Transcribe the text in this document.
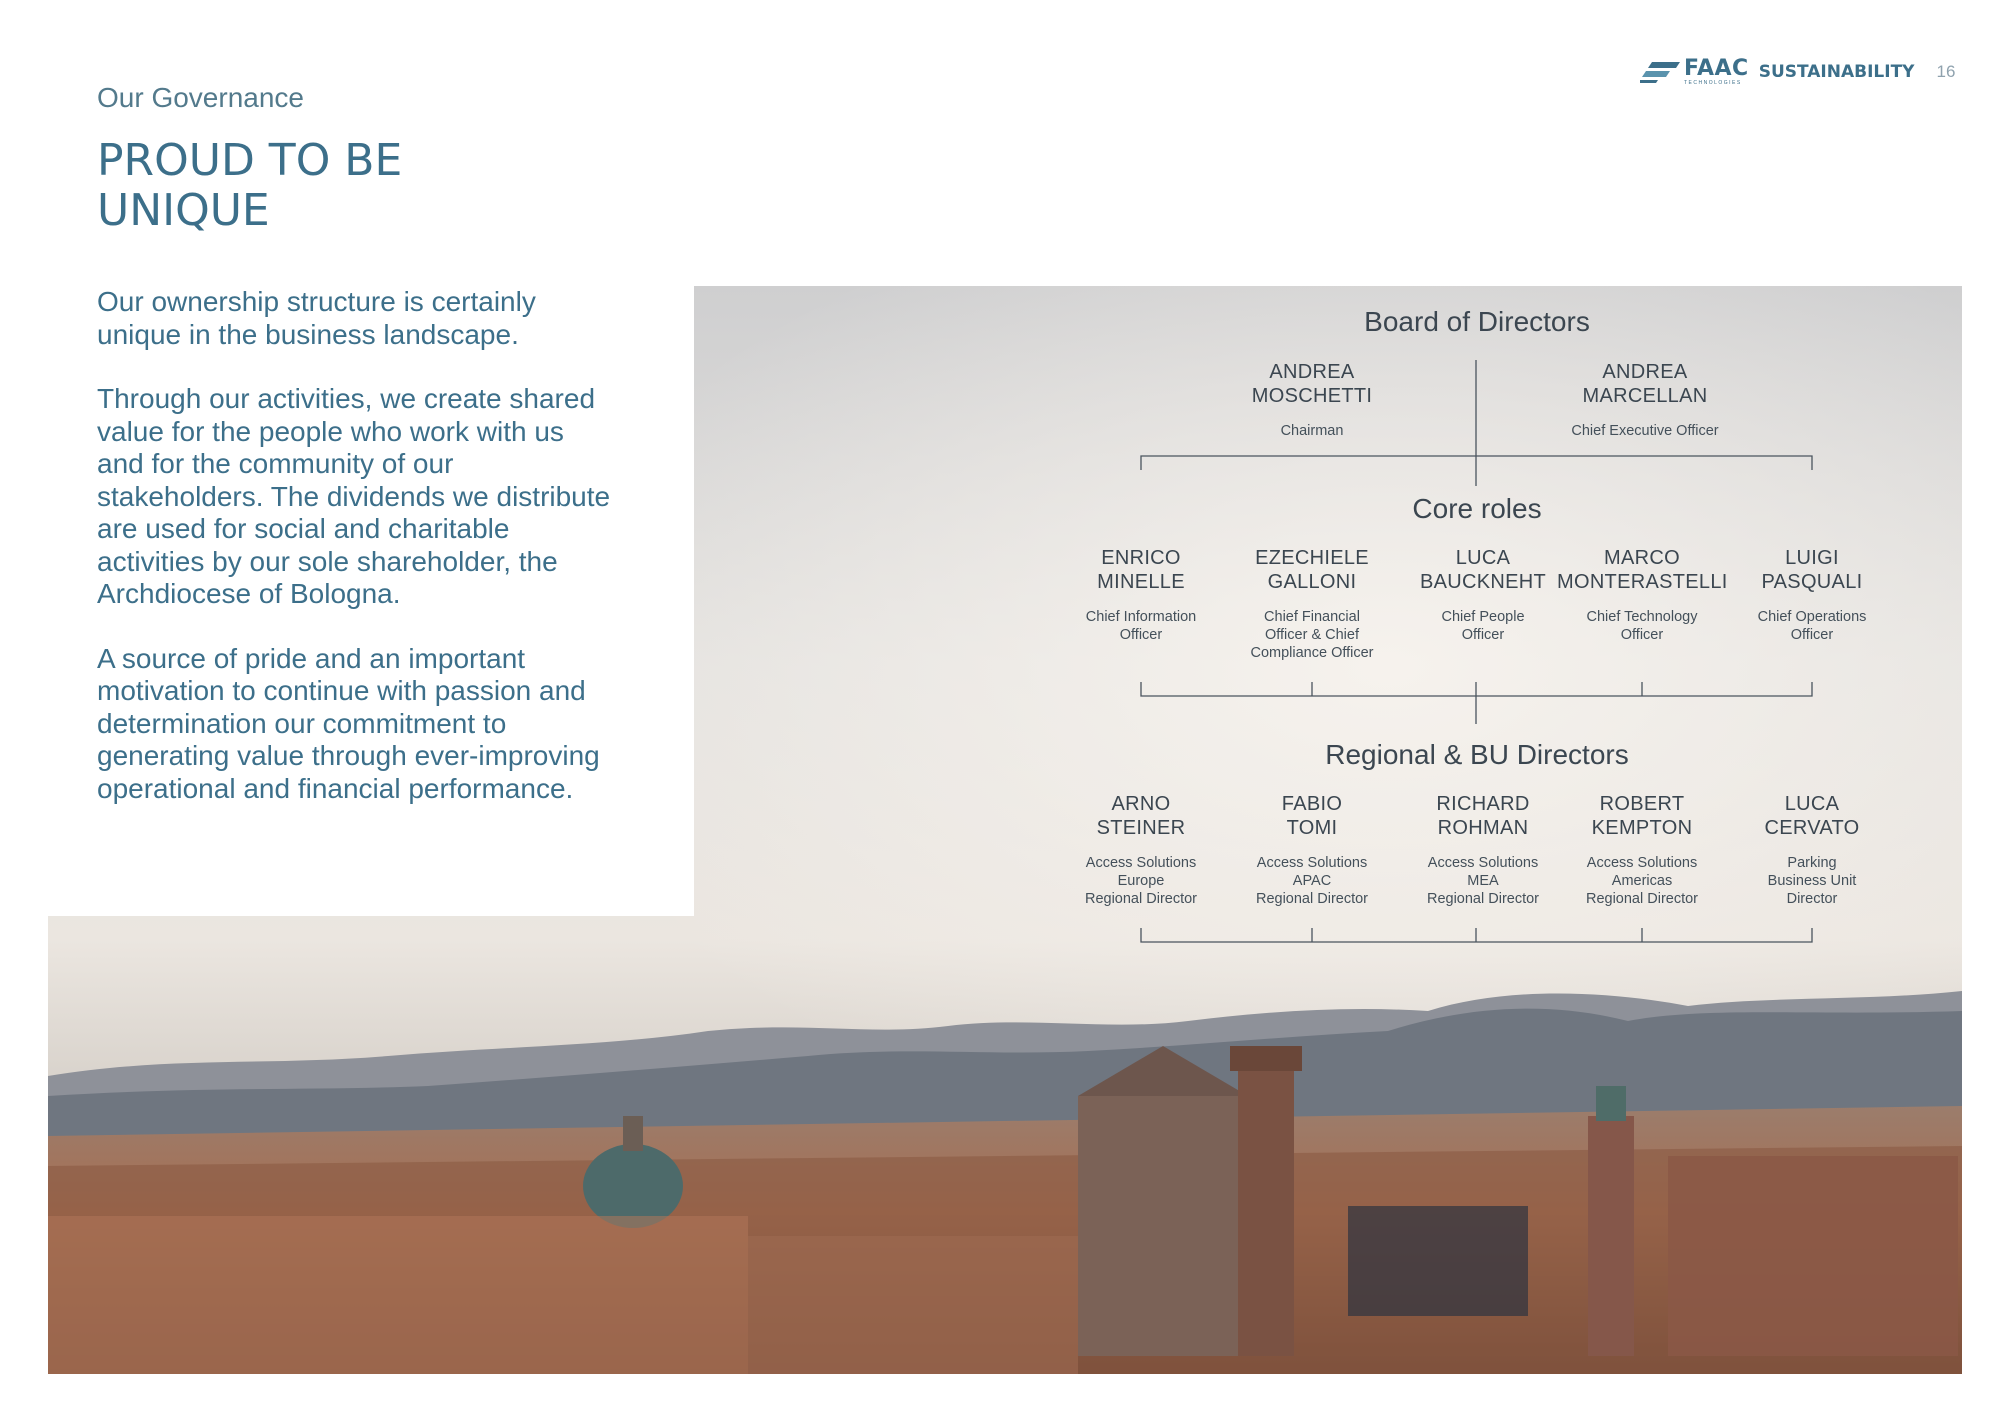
FAAC
TECHNOLOGIES
SUSTAINABILITY 16
Our Governance
PROUD TO BE
UNIQUE

Our ownership structure is certainly unique in the business landscape.

Through our activities, we create shared value for the people who work with us and for the community of our stakeholders. The dividends we distribute are used for social and charitable activities by our sole shareholder, the Archdiocese of Bologna.

A source of pride and an important motivation to continue with passion and determination our commitment to generating value through ever-improving operational and financial performance.

Board of Directors
ANDREA
MOSCHETTI
Chairman
ANDREA
MARCELLAN
Chief Executive Officer
Core roles
ENRICO
MINELLE
Chief Information
Officer
EZECHIELE
GALLONI
Chief Financial
Officer & Chief
Compliance Officer
LUCA
BAUCKNEHT
Chief People
Officer
MARCO
MONTERASTELLI
Chief Technology
Officer
LUIGI
PASQUALI
Chief Operations
Officer
Regional & BU Directors
ARNO
STEINER
Access Solutions
Europe
Regional Director
FABIO
TOMI
Access Solutions
APAC
Regional Director
RICHARD
ROHMAN
Access Solutions
MEA
Regional Director
ROBERT
KEMPTON
Access Solutions
Americas
Regional Director
LUCA
CERVATO
Parking
Business Unit
Director
